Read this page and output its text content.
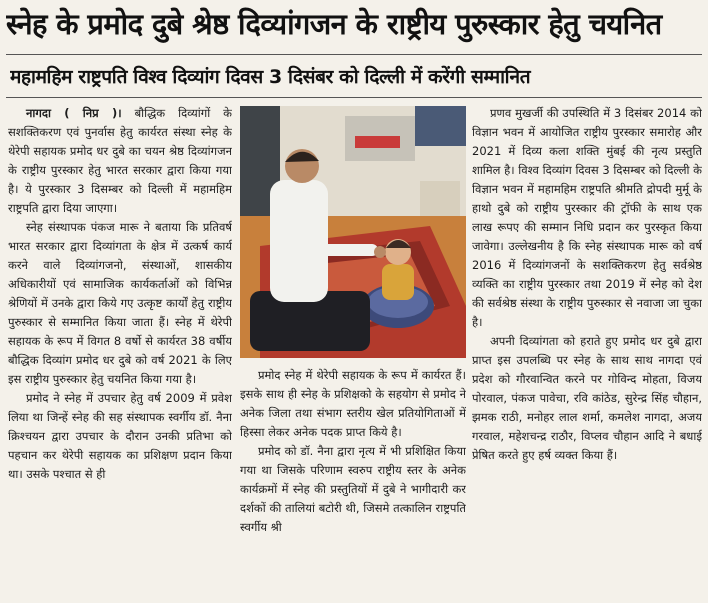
स्नेह के प्रमोद दुबे श्रेष्ठ दिव्यांगजन के राष्ट्रीय पुरुस्कार हेतु चयनित
महामहिम राष्ट्रपति विश्व दिव्यांग दिवस 3 दिसंबर को दिल्ली में करेंगी सम्मानित

नागदा ( निप्र )। बौद्धिक दिव्यांगों के सशक्तिकरण एवं पुनर्वास हेतु कार्यरत संस्था स्नेह के थेरेपी सहायक प्रमोद धर दुबे का चयन श्रेष्ठ दिव्यांगजन के राष्ट्रीय पुरस्कार हेतु भारत सरकार द्वारा किया गया है। ये पुरस्कार 3 दिसम्बर को दिल्ली में महामहिम राष्ट्रपति द्वारा दिया जाएगा।

स्नेह संस्थापक पंकज मारू ने बताया कि प्रतिवर्ष भारत सरकार द्वारा दिव्यांगता के क्षेत्र में उत्कर्ष कार्य करने वाले दिव्यांगजनो, संस्थाओं, शासकीय अधिकारीयों एवं सामाजिक कार्यकर्ताओं को विभिन्न श्रेणियों में उनके द्वारा किये गए उत्कृष्ट कार्यों हेतु राष्ट्रीय पुरुस्कार से सम्मानित किया जाता हैं। स्नेह में थेरेपी सहायक के रूप में विगत 8 वर्षो से कार्यरत 38 वर्षीय बौद्धिक दिव्यांग प्रमोद धर दुबे को वर्ष 2021 के लिए इस राष्ट्रीय पुरुस्कार हेतु चयनित किया गया है।

प्रमोद ने स्नेह में उपचार हेतु वर्ष 2009 में प्रवेश लिया था जिन्हें स्नेह की सह संस्थापक स्वर्गीय डॉ. नैना क्रिश्चयन द्वारा उपचार के दौरान उनकी प्रतिभा को पहचान कर थेरेपी सहायक का प्रशिक्षण प्रदान किया था। उसके पश्चात से ही

प्रमोद स्नेह में थेरेपी सहायक के रूप में कार्यरत हैं। इसके साथ ही स्नेह के प्रशिक्षको के सहयोग से प्रमोद ने अनेक जिला तथा संभाग स्तरीय खेल प्रतियोगिताओं में हिस्सा लेकर अनेक पदक प्राप्त किये है।

प्रमोद को डॉ. नैना द्वारा नृत्य में भी प्रशिक्षित किया गया था जिसके परिणाम स्वरुप राष्ट्रीय स्तर के अनेक कार्यक्रमों में स्नेह की प्रस्तुतियों में दुबे ने भागीदारी कर दर्शकों की तालियां बटोरी थी, जिसमे तत्कालिन राष्ट्रपति स्वर्गीय श्री

प्रणव मुखर्जी की उपस्थिति में 3 दिसंबर 2014 को विज्ञान भवन में आयोजित राष्ट्रीय पुरस्कार समारोह और 2021 में दिव्य कला शक्ति मुंबई की नृत्य प्रस्तुति शामिल है। विश्व दिव्यांग दिवस 3 दिसम्बर को दिल्ली के विज्ञान भवन में महामहिम राष्ट्रपति श्रीमति द्रोपदी मुर्मू के हाथो दुबे को राष्ट्रीय पुरस्कार की ट्रॉफी के साथ एक लाख रूपए की सम्मान निधि प्रदान कर पुरस्कृत किया जावेगा। उल्लेखनीय है कि स्नेह संस्थापक मारू को वर्ष 2016 में दिव्यांगजनों के सशक्तिकरण हेतु सर्वश्रेष्ठ व्यक्ति का राष्ट्रीय पुरस्कार तथा 2019 में स्नेह को देश की सर्वश्रेष्ठ संस्था के राष्ट्रीय पुरुस्कार से नवाजा जा चुका है।

अपनी दिव्यांगता को हराते हुए प्रमोद धर दुबे द्वारा प्राप्त इस उपलब्धि पर स्नेह के साथ साथ नागदा एवं प्रदेश को गौरवान्वित करने पर गोविन्द मोहता, विजय पोरवाल, पंकज पावेचा, रवि कांठेड, सुरेन्द्र सिंह चौहान, झमक राठी, मनोहर लाल शर्मा, कमलेश नागदा, अजय गरवाल, महेशचन्द्र राठौर, विप्लव चौहान आदि ने बधाई प्रेषित करते हुए हर्ष व्यक्त किया हैं।
